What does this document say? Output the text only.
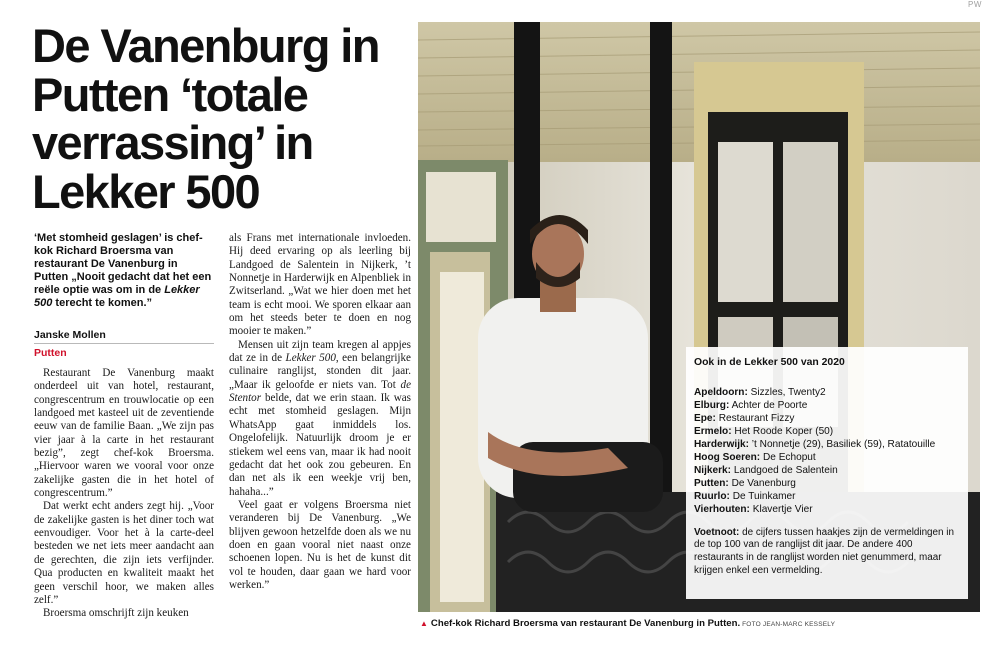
PW
De Vanenburg in Putten ‘totale verrassing’ in Lekker 500
‘Met stomheid geslagen’ is chef-kok Richard Broersma van restaurant De Vanenburg in Putten „Nooit gedacht dat het een reële optie was om in de Lekker 500 terecht te komen.”
Janske Mollen
Putten

Restaurant De Vanenburg maakt onderdeel uit van hotel, restaurant, congrescentrum en trouwlocatie op een landgoed met kasteel uit de zeventiende eeuw van de familie Baan. „We zijn pas vier jaar à la carte in het restaurant bezig”, zegt chef-kok Broersma. „Hiervoor waren we vooral voor onze zakelijke gasten die in het hotel of congrescentrum.”

Dat werkt echt anders zegt hij. „Voor de zakelijke gasten is het diner toch wat eenvoudiger. Voor het à la carte-deel besteden we net iets meer aandacht aan de gerechten, die zijn iets verfijnder. Qua producten en kwaliteit maakt het geen verschil hoor, we maken alles zelf.”

Broersma omschrijft zijn keuken

als Frans met internationale invloeden. Hij deed ervaring op als leerling bij Landgoed de Salentein in Nijkerk, ’t Nonnetje in Harderwijk en Alpenbliek in Zwitserland. „Wat we hier doen met het team is echt mooi. We sporen elkaar aan om het steeds beter te doen en nog mooier te maken.”

Mensen uit zijn team kregen al appjes dat ze in de Lekker 500, een belangrijke culinaire ranglijst, stonden dit jaar. „Maar ik geloofde er niets van. Tot de Stentor belde, dat we erin staan. Ik was echt met stomheid geslagen. Mijn WhatsApp gaat inmiddels los. Ongelofelijk. Natuurlijk droom je er stiekem wel eens van, maar ik had nooit gedacht dat het ook zou gebeuren. En dan net als ik een weekje vrij ben, hahaha...”

Veel gaat er volgens Broersma niet veranderen bij De Vanenburg. „We blijven gewoon hetzelfde doen als we nu doen en gaan vooral niet naast onze schoenen lopen. Nu is het de kunst dit vol te houden, daar gaan we hard voor werken.”

Ook in de Lekker 500 van 2020
Apeldoorn: Sizzles, Twenty2
Elburg: Achter de Poorte
Epe: Restaurant Fizzy
Ermelo: Het Roode Koper (50)
Harderwijk: ’t Nonnetje (29), Basiliek (59), Ratatouille
Hoog Soeren: De Echoput
Nijkerk: Landgoed de Salentein
Putten: De Vanenburg
Ruurlo: De Tuinkamer
Vierhouten: Klavertje Vier
Voetnoot: de cijfers tussen haakjes zijn de vermeldingen in de top 100 van de ranglijst dit jaar. De andere 400 restaurants in de ranglijst worden niet genummerd, maar krijgen enkel een vermelding.
▲ Chef-kok Richard Broersma van restaurant De Vanenburg in Putten. FOTO JEAN-MARC KESSELY
